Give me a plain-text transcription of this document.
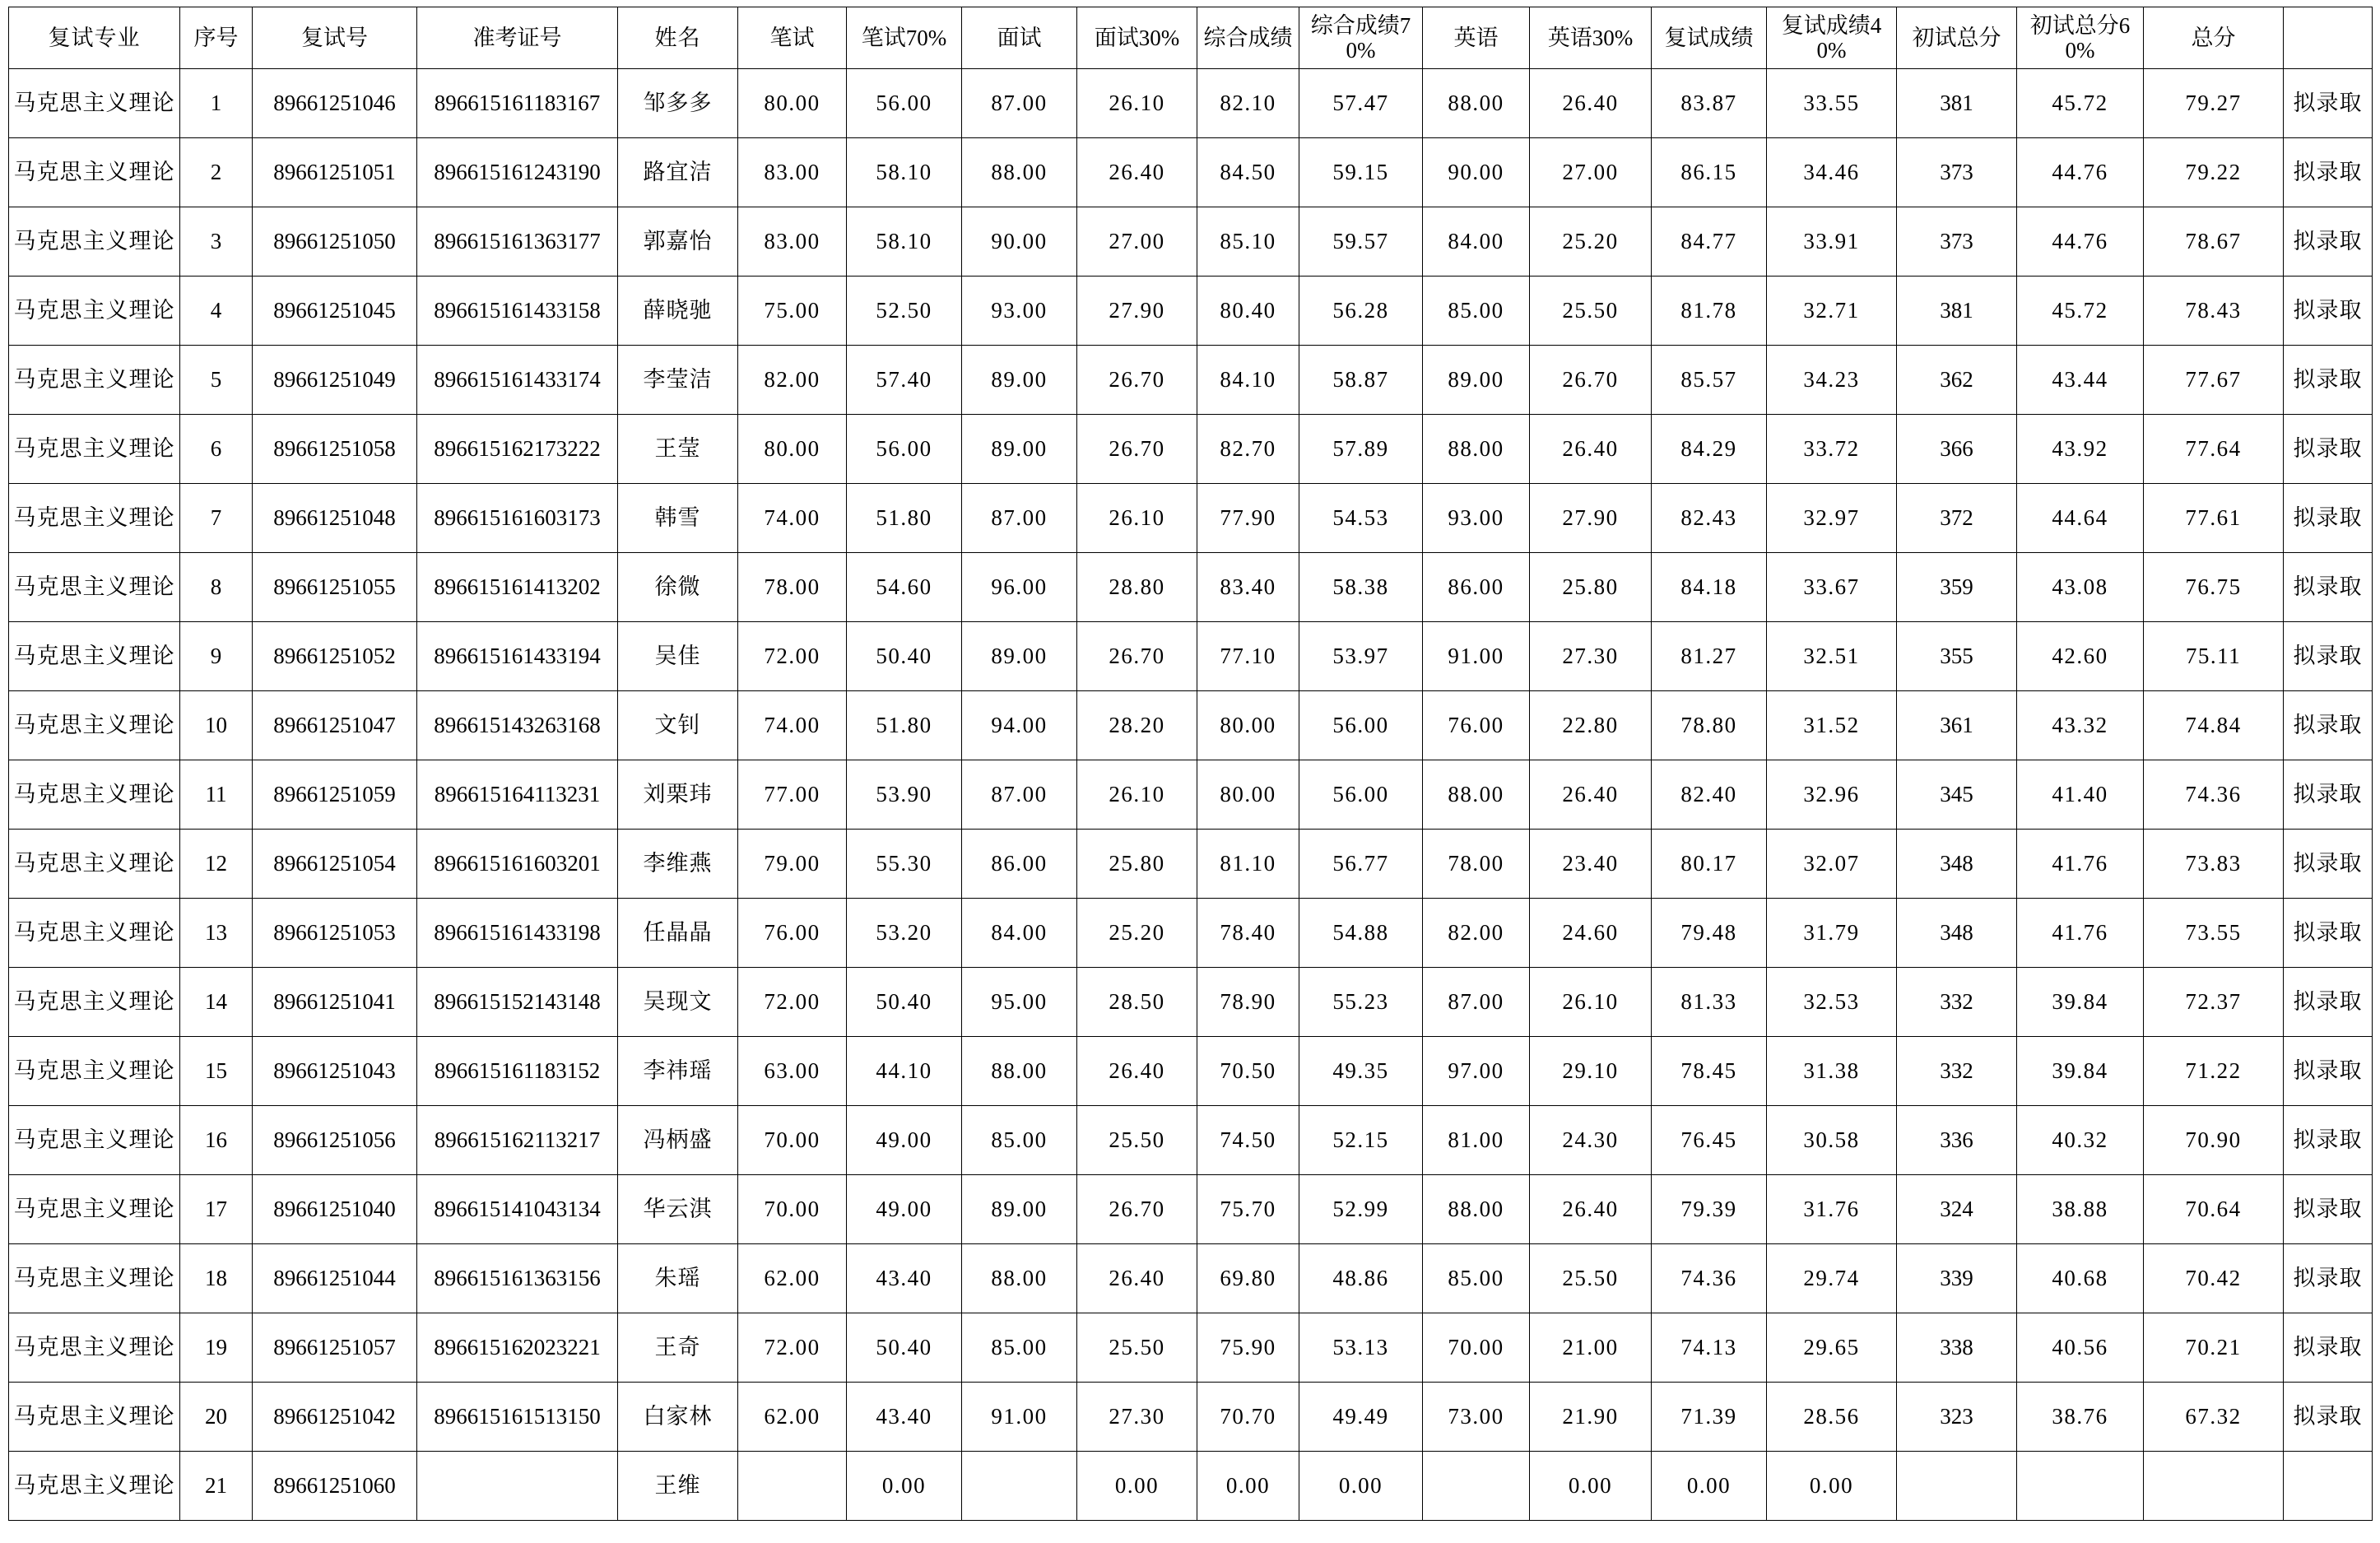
复试专业	序号	复试号	准考证号	姓名	笔试	笔试70%	面试	面试30%	综合成绩	综合成绩70%	英语	英语30%	复试成绩	复试成绩40%	初试总分	初试总分60%	总分	
马克思主义理论	1	89661251046	896615161183167	邹多多	80.00	56.00	87.00	26.10	82.10	57.47	88.00	26.40	83.87	33.55	381	45.72	79.27	拟录取
马克思主义理论	2	89661251051	896615161243190	路宜洁	83.00	58.10	88.00	26.40	84.50	59.15	90.00	27.00	86.15	34.46	373	44.76	79.22	拟录取
马克思主义理论	3	89661251050	896615161363177	郭嘉怡	83.00	58.10	90.00	27.00	85.10	59.57	84.00	25.20	84.77	33.91	373	44.76	78.67	拟录取
马克思主义理论	4	89661251045	896615161433158	薛晓驰	75.00	52.50	93.00	27.90	80.40	56.28	85.00	25.50	81.78	32.71	381	45.72	78.43	拟录取
马克思主义理论	5	89661251049	896615161433174	李莹洁	82.00	57.40	89.00	26.70	84.10	58.87	89.00	26.70	85.57	34.23	362	43.44	77.67	拟录取
马克思主义理论	6	89661251058	896615162173222	王莹	80.00	56.00	89.00	26.70	82.70	57.89	88.00	26.40	84.29	33.72	366	43.92	77.64	拟录取
马克思主义理论	7	89661251048	896615161603173	韩雪	74.00	51.80	87.00	26.10	77.90	54.53	93.00	27.90	82.43	32.97	372	44.64	77.61	拟录取
马克思主义理论	8	89661251055	896615161413202	徐微	78.00	54.60	96.00	28.80	83.40	58.38	86.00	25.80	84.18	33.67	359	43.08	76.75	拟录取
马克思主义理论	9	89661251052	896615161433194	吴佳	72.00	50.40	89.00	26.70	77.10	53.97	91.00	27.30	81.27	32.51	355	42.60	75.11	拟录取
马克思主义理论	10	89661251047	896615143263168	文钊	74.00	51.80	94.00	28.20	80.00	56.00	76.00	22.80	78.80	31.52	361	43.32	74.84	拟录取
马克思主义理论	11	89661251059	896615164113231	刘栗玮	77.00	53.90	87.00	26.10	80.00	56.00	88.00	26.40	82.40	32.96	345	41.40	74.36	拟录取
马克思主义理论	12	89661251054	896615161603201	李维燕	79.00	55.30	86.00	25.80	81.10	56.77	78.00	23.40	80.17	32.07	348	41.76	73.83	拟录取
马克思主义理论	13	89661251053	896615161433198	任晶晶	76.00	53.20	84.00	25.20	78.40	54.88	82.00	24.60	79.48	31.79	348	41.76	73.55	拟录取
马克思主义理论	14	89661251041	896615152143148	吴现文	72.00	50.40	95.00	28.50	78.90	55.23	87.00	26.10	81.33	32.53	332	39.84	72.37	拟录取
马克思主义理论	15	89661251043	896615161183152	李祎瑶	63.00	44.10	88.00	26.40	70.50	49.35	97.00	29.10	78.45	31.38	332	39.84	71.22	拟录取
马克思主义理论	16	89661251056	896615162113217	冯柄盛	70.00	49.00	85.00	25.50	74.50	52.15	81.00	24.30	76.45	30.58	336	40.32	70.90	拟录取
马克思主义理论	17	89661251040	896615141043134	华云淇	70.00	49.00	89.00	26.70	75.70	52.99	88.00	26.40	79.39	31.76	324	38.88	70.64	拟录取
马克思主义理论	18	89661251044	896615161363156	朱瑶	62.00	43.40	88.00	26.40	69.80	48.86	85.00	25.50	74.36	29.74	339	40.68	70.42	拟录取
马克思主义理论	19	89661251057	896615162023221	王奇	72.00	50.40	85.00	25.50	75.90	53.13	70.00	21.00	74.13	29.65	338	40.56	70.21	拟录取
马克思主义理论	20	89661251042	896615161513150	白家林	62.00	43.40	91.00	27.30	70.70	49.49	73.00	21.90	71.39	28.56	323	38.76	67.32	拟录取
马克思主义理论	21	89661251060		王维		0.00		0.00	0.00	0.00		0.00	0.00	0.00				
